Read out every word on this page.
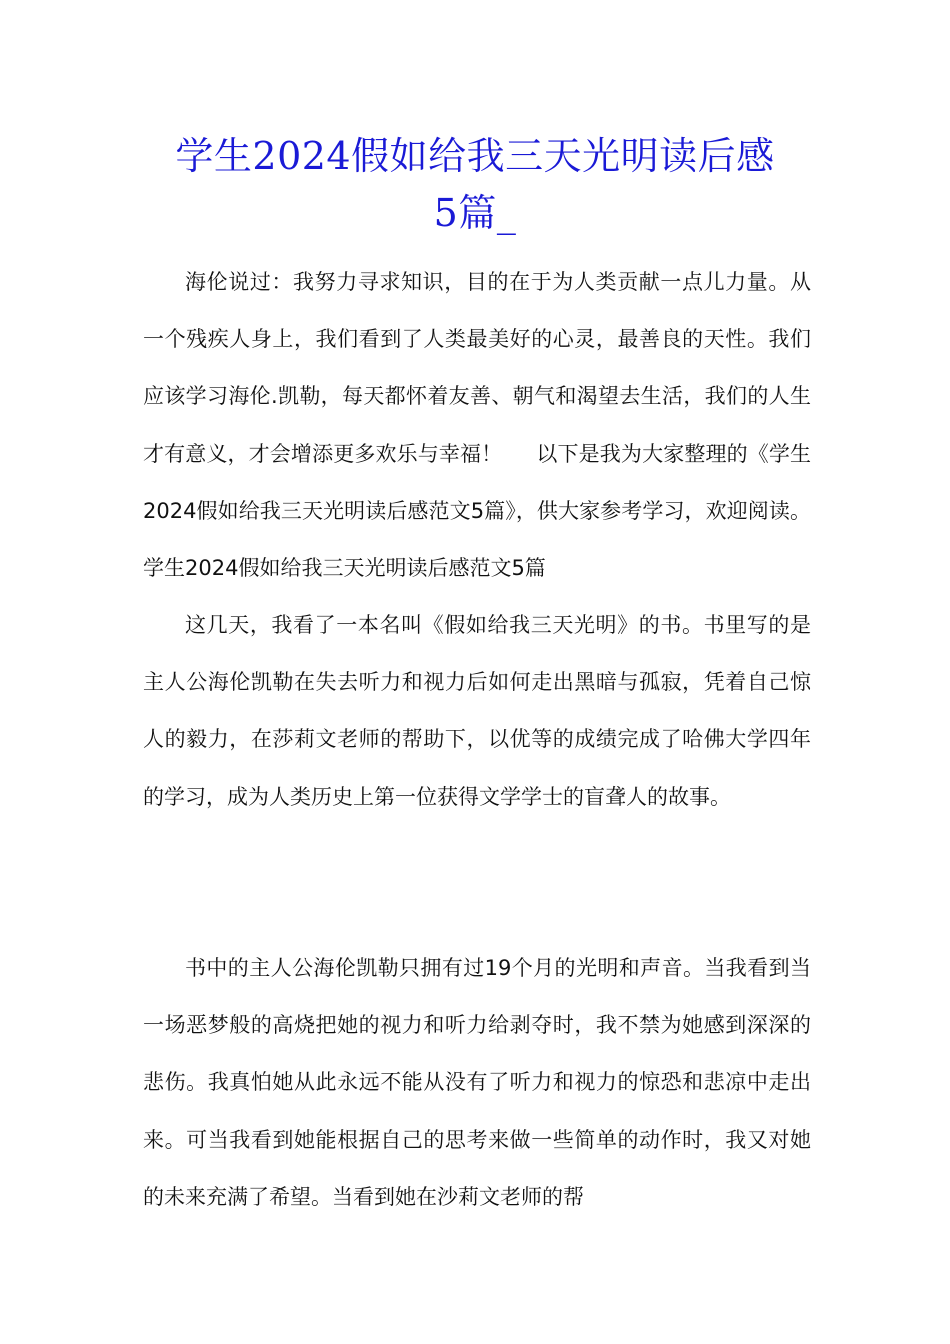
学生2024假如给我三天光明读后感
5篇_

海伦说过：我努力寻求知识，目的在于为人类贡献一点儿力量。从一个残疾人身上，我们看到了人类最美好的心灵，最善良的天性。我们应该学习海伦.凯勒，每天都怀着友善、朝气和渴望去生活，我们的人生才有意义，才会增添更多欢乐与幸福！ 以下是我为大家整理的《学生2024假如给我三天光明读后感范文5篇》，供大家参考学习，欢迎阅读。学生2024假如给我三天光明读后感范文5篇

这几天，我看了一本名叫《假如给我三天光明》的书。书里写的是主人公海伦凯勒在失去听力和视力后如何走出黑暗与孤寂，凭着自己惊人的毅力，在莎莉文老师的帮助下，以优等的成绩完成了哈佛大学四年的学习，成为人类历史上第一位获得文学学士的盲聋人的故事。

书中的主人公海伦凯勒只拥有过19个月的光明和声音。当我看到当一场恶梦般的高烧把她的视力和听力给剥夺时，我不禁为她感到深深的悲伤。我真怕她从此永远不能从没有了听力和视力的惊恐和悲凉中走出来。可当我看到她能根据自己的思考来做一些简单的动作时，我又对她的未来充满了希望。当看到她在沙莉文老师的帮
